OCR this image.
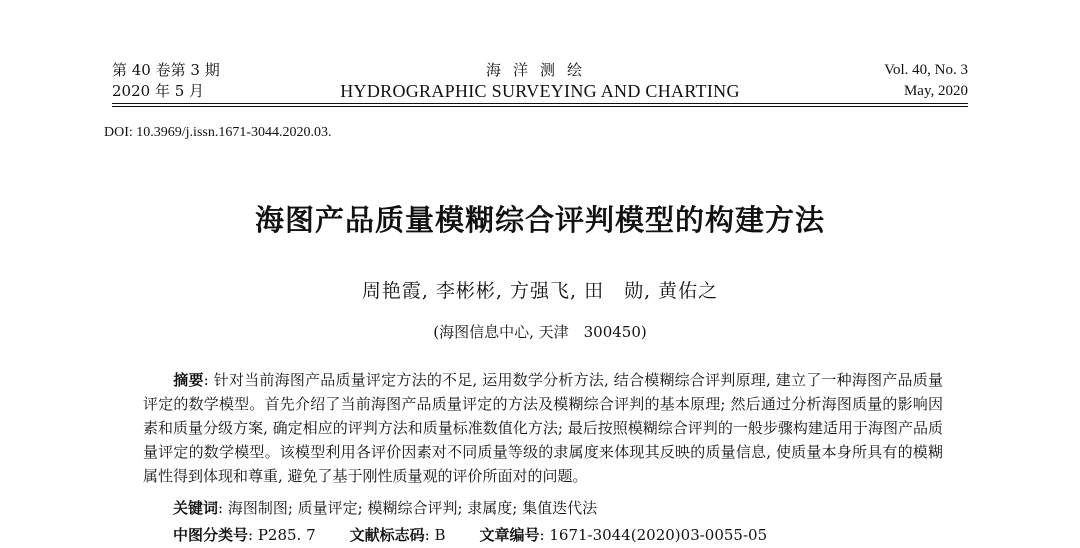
第 40 卷第 3 期
2020 年 5 月
海洋测绘
HYDROGRAPHIC SURVEYING AND CHARTING
Vol. 40, No. 3
May, 2020
DOI: 10.3969/j.issn.1671-3044.2020.03.
海图产品质量模糊综合评判模型的构建方法
周艳霞, 李彬彬, 方强飞, 田　勋, 黄佑之
(海图信息中心, 天津　300450)
摘要: 针对当前海图产品质量评定方法的不足, 运用数学分析方法, 结合模糊综合评判原理, 建立了一种海图产品质量评定的数学模型。首先介绍了当前海图产品质量评定的方法及模糊综合评判的基本原理; 然后通过分析海图质量的影响因素和质量分级方案, 确定相应的评判方法和质量标准数值化方法; 最后按照模糊综合评判的一般步骤构建适用于海图产品质量评定的数学模型。该模型利用各评价因素对不同质量等级的隶属度来体现其反映的质量信息, 使质量本身所具有的模糊属性得到体现和尊重, 避免了基于刚性质量观的评价所面对的问题。
关键词: 海图制图; 质量评定; 模糊综合评判; 隶属度; 集值迭代法
中图分类号: P285. 7 文献标志码: B 文章编号: 1671-3044(2020)03-0055-05
